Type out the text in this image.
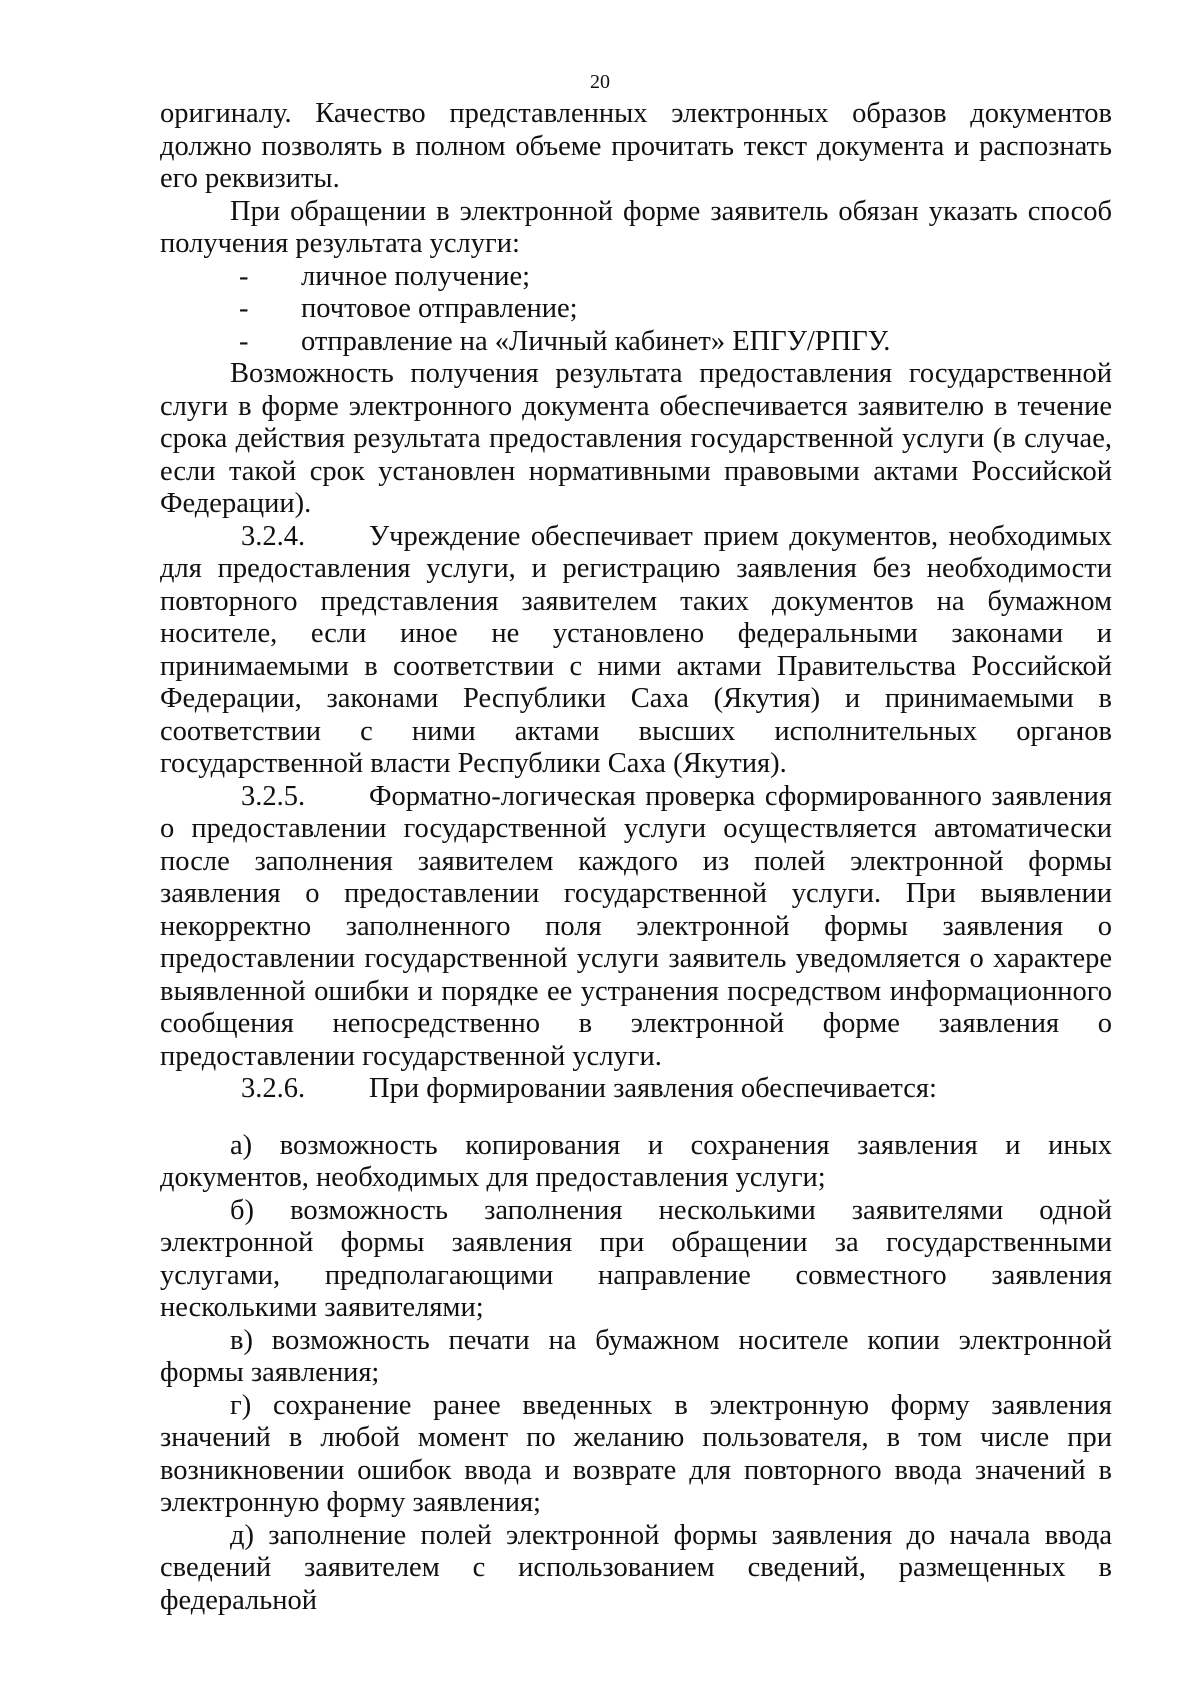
20

оригиналу. Качество представленных электронных образов документов должно позволять в полном объеме прочитать текст документа и распознать его реквизиты.

При обращении в электронной форме заявитель обязан указать способ получения результата услуги:

- личное получение;

- почтовое отправление;

- отправление на «Личный кабинет» ЕПГУ/РПГУ.

Возможность получения результата предоставления государственной слуги в форме электронного документа обеспечивается заявителю в течение срока действия результата предоставления государственной услуги (в случае, если такой срок установлен нормативными правовыми актами Российской Федерации).

3.2.4. Учреждение обеспечивает прием документов, необходимых для предоставления услуги, и регистрацию заявления без необходимости повторного представления заявителем таких документов на бумажном носителе, если иное не установлено федеральными законами и принимаемыми в соответствии с ними актами Правительства Российской Федерации, законами Республики Саха (Якутия) и принимаемыми в соответствии с ними актами высших исполнительных органов государственной власти Республики Саха (Якутия).

3.2.5. Форматно-логическая проверка сформированного заявления о предоставлении государственной услуги осуществляется автоматически после заполнения заявителем каждого из полей электронной формы заявления о предоставлении государственной услуги. При выявлении некорректно заполненного поля электронной формы заявления о предоставлении государственной услуги заявитель уведомляется о характере выявленной ошибки и порядке ее устранения посредством информационного сообщения непосредственно в электронной форме заявления о предоставлении государственной услуги.

3.2.6. При формировании заявления обеспечивается:

а) возможность копирования и сохранения заявления и иных документов, необходимых для предоставления услуги;

б) возможность заполнения несколькими заявителями одной электронной формы заявления при обращении за государственными услугами, предполагающими направление совместного заявления несколькими заявителями;

в) возможность печати на бумажном носителе копии электронной формы заявления;

г) сохранение ранее введенных в электронную форму заявления значений в любой момент по желанию пользователя, в том числе при возникновении ошибок ввода и возврате для повторного ввода значений в электронную форму заявления;

д) заполнение полей электронной формы заявления до начала ввода сведений заявителем с использованием сведений, размещенных в федеральной
